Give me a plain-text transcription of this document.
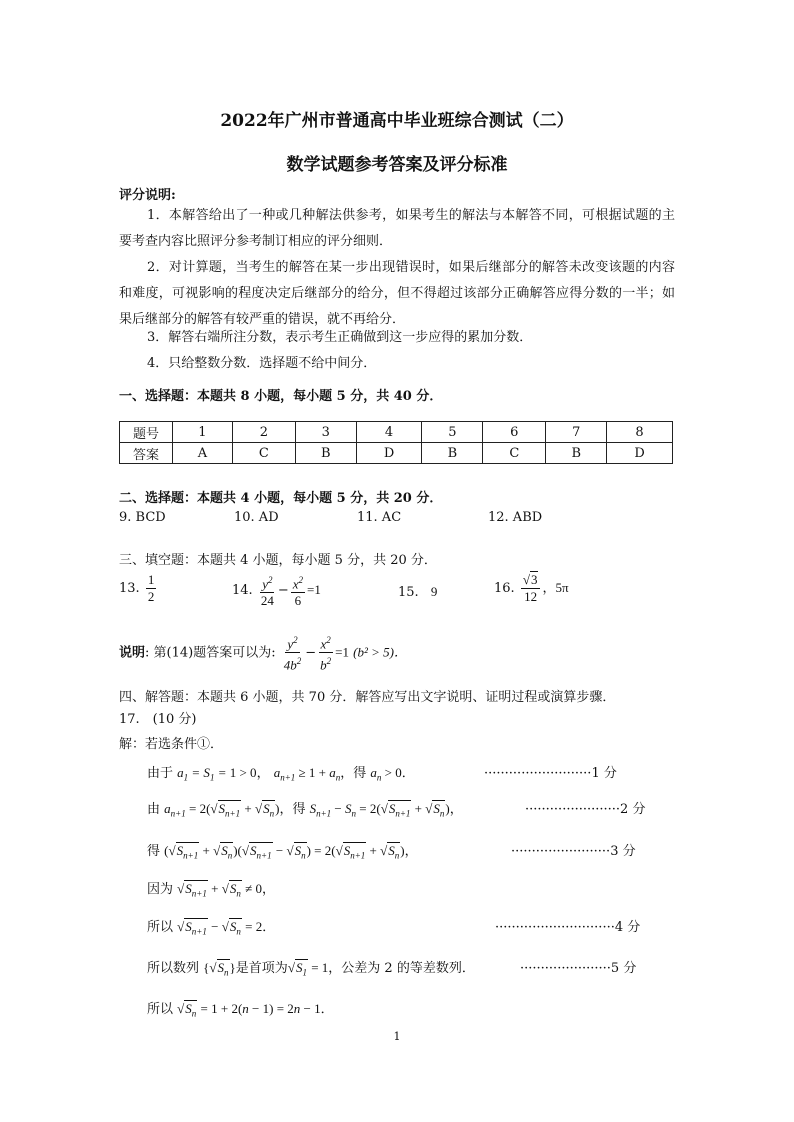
2022年广州市普通高中毕业班综合测试（二）
数学试题参考答案及评分标准
评分说明:
1．本解答给出了一种或几种解法供参考，如果考生的解法与本解答不同，可根据试题的主要考查内容比照评分参考制订相应的评分细则．
2．对计算题，当考生的解答在某一步出现错误时，如果后继部分的解答未改变该题的内容和难度，可视影响的程度决定后继部分的给分，但不得超过该部分正确解答应得分数的一半；如果后继部分的解答有较严重的错误，就不再给分．
3．解答右端所注分数，表示考生正确做到这一步应得的累加分数．
4．只给整数分数．选择题不给中间分．
一、选择题：本题共 8 小题，每小题 5 分，共 40 分．
题号	1	2	3	4	5	6	7	8
答案	A	C	B	D	B	C	B	D
二、选择题：本题共 4 小题，每小题 5 分，共 20 分．
9. BCD	10. AD	11. AC	12. ABD
三、填空题：本题共 4 小题，每小题 5 分，共 20 分．
13. $\frac{1}{2}$	14. $\frac{y^2}{24} - \frac{x^2}{6} =1$	15. 9	16. $\frac{√3}{12}$ ，5π
说明: 第(14)题答案可以为: $\frac{y^2}{4b^2} - \frac{x^2}{b^2} =1$ (b² > 5)．
四、解答题：本题共 6 小题，共 70 分．解答应写出文字说明、证明过程或演算步骤．
17.　(10 分)
解：若选条件①．
由于 $a_1 = S_1 = 1 > 0$， $a_{n+1} \ge 1 + a_n$，得 $a_n > 0$．	··························1 分
由 $a_{n+1} = 2(√S_{n+1} + √S_n)$，得 $S_{n+1} - S_n = 2(√S_{n+1} + √S_n)$，	·······················2 分
得 $(√S_{n+1} + √S_n)(√S_{n+1} - √S_n) = 2(√S_{n+1} + √S_n)$，	························3 分
因为 $√S_{n+1} + √S_n \ne 0$，
所以 $√S_{n+1} - √S_n = 2$．	·····························4 分
所以数列 $\{√S_n\}$是首项为$√S_1 = 1$，公差为 2 的等差数列．	······················5 分
所以 $√S_n = 1 + 2(n - 1) = 2n - 1$．
1
